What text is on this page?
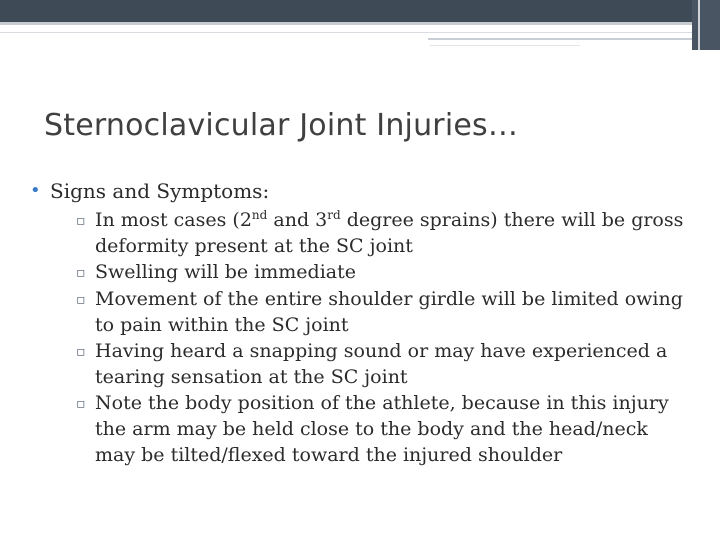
Sternoclavicular Joint Injuries…
• Signs and Symptoms:
▫ In most cases (2nd and 3rd degree sprains) there will be gross deformity present at the SC joint
▫ Swelling will be immediate
▫ Movement of the entire shoulder girdle will be limited owing to pain within the SC joint
▫ Having heard a snapping sound or may have experienced a tearing sensation at the SC joint
▫ Note the body position of the athlete, because in this injury the arm may be held close to the body and the head/neck may be tilted/flexed toward the injured shoulder
